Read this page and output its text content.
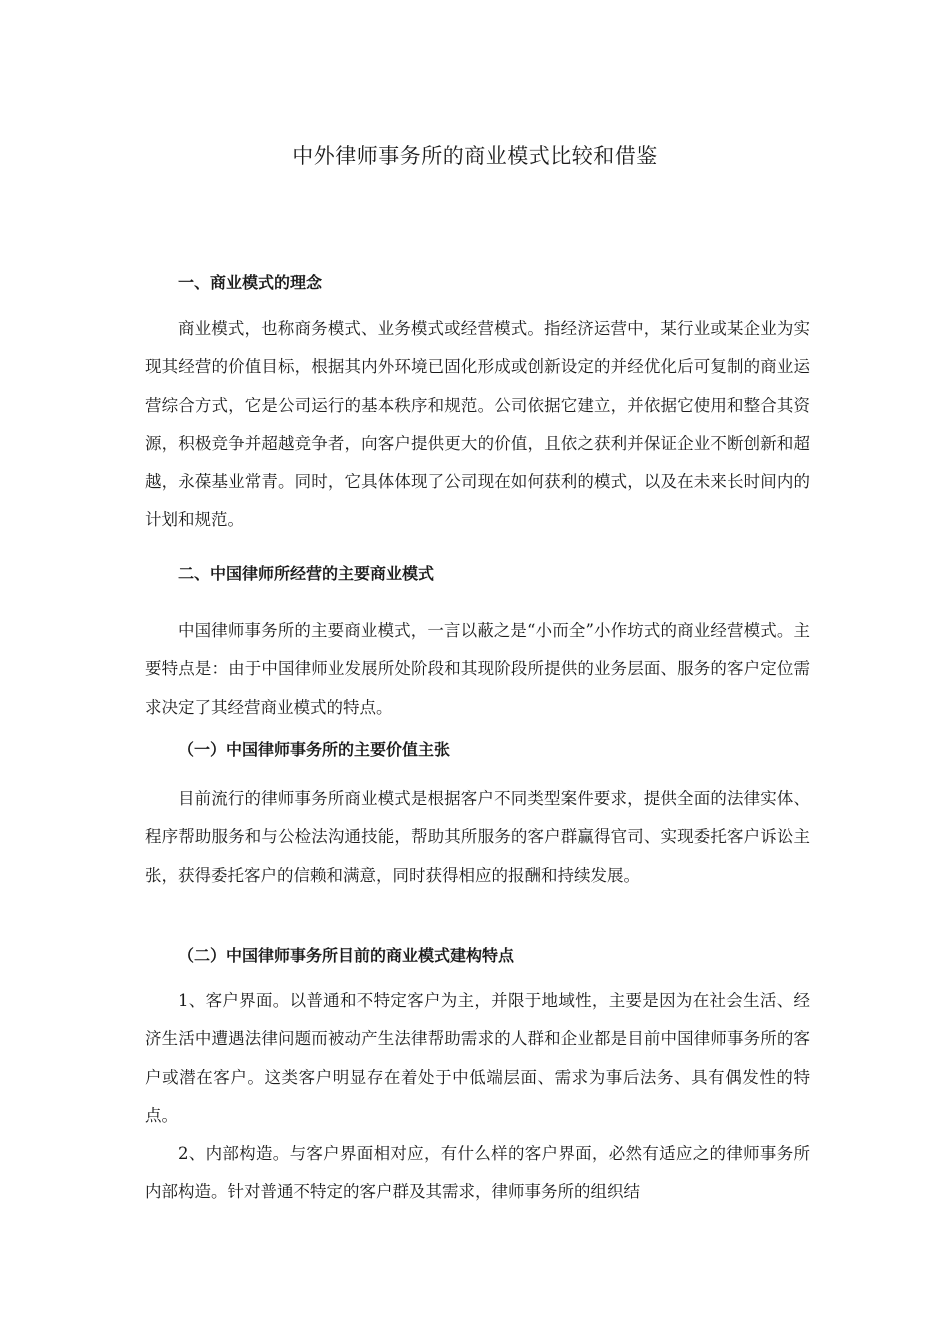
中外律师事务所的商业模式比较和借鉴
一、商业模式的理念

商业模式，也称商务模式、业务模式或经营模式。指经济运营中，某行业或某企业为实现其经营的价值目标，根据其内外环境已固化形成或创新设定的并经优化后可复制的商业运营综合方式，它是公司运行的基本秩序和规范。公司依据它建立，并依据它使用和整合其资源，积极竞争并超越竞争者，向客户提供更大的价值，且依之获利并保证企业不断创新和超越，永葆基业常青。同时，它具体体现了公司现在如何获利的模式，以及在未来长时间内的计划和规范。

二、中国律师所经营的主要商业模式

中国律师事务所的主要商业模式，一言以蔽之是“小而全”小作坊式的商业经营模式。主要特点是：由于中国律师业发展所处阶段和其现阶段所提供的业务层面、服务的客户定位需求决定了其经营商业模式的特点。

（一）中国律师事务所的主要价值主张

目前流行的律师事务所商业模式是根据客户不同类型案件要求，提供全面的法律实体、程序帮助服务和与公检法沟通技能，帮助其所服务的客户群赢得官司、实现委托客户诉讼主张，获得委托客户的信赖和满意，同时获得相应的报酬和持续发展。

（二）中国律师事务所目前的商业模式建构特点

1、客户界面。以普通和不特定客户为主，并限于地域性，主要是因为在社会生活、经济生活中遭遇法律问题而被动产生法律帮助需求的人群和企业都是目前中国律师事务所的客户或潜在客户。这类客户明显存在着处于中低端层面、需求为事后法务、具有偶发性的特点。

2、内部构造。与客户界面相对应，有什么样的客户界面，必然有适应之的律师事务所内部构造。针对普通不特定的客户群及其需求，律师事务所的组织结
